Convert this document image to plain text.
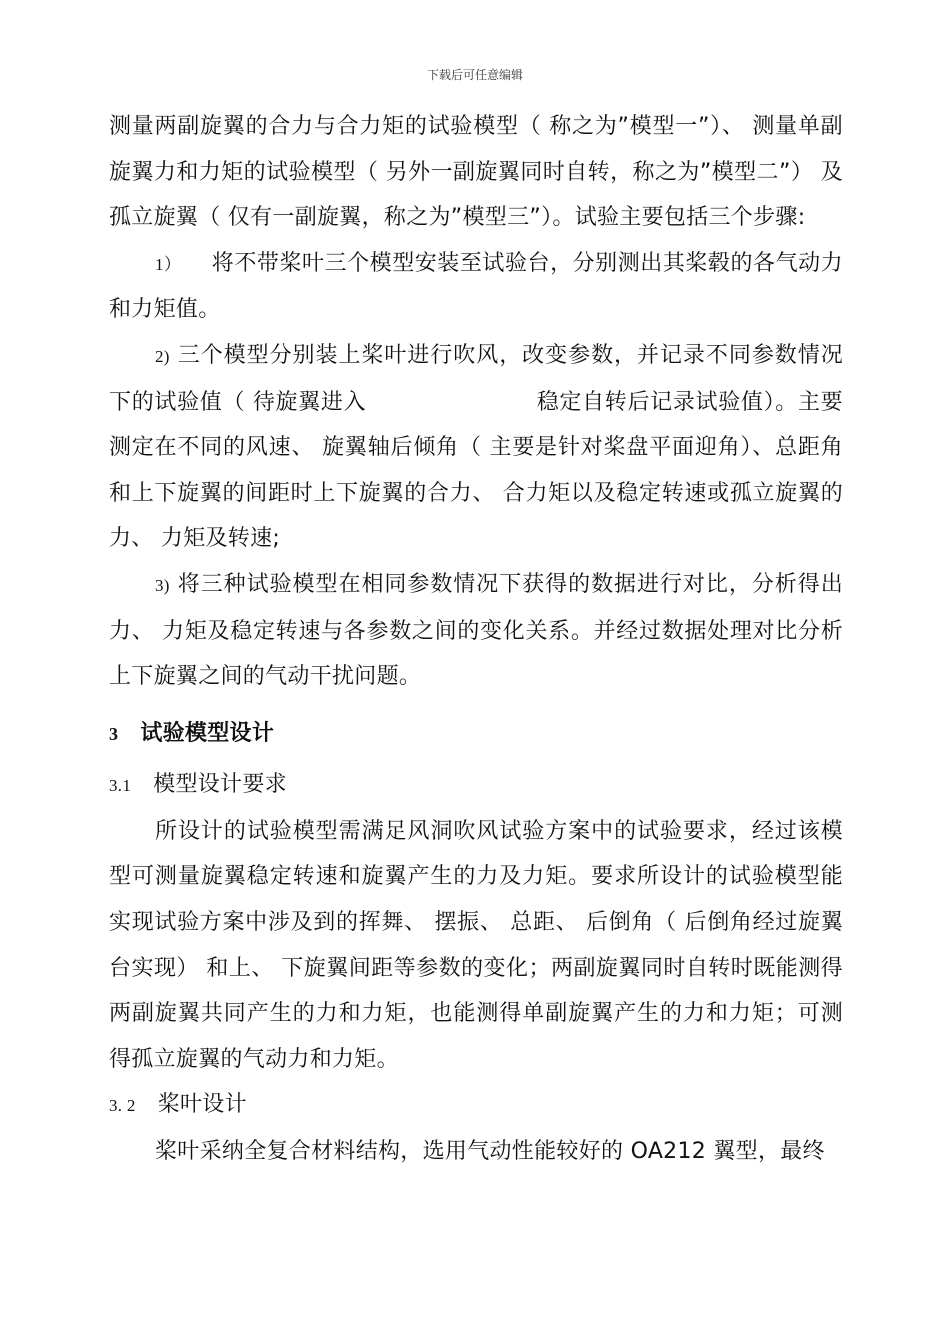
下载后可任意编辑

测量两副旋翼的合力与合力矩的试验模型（ 称之为”模型一”）、 测量单副旋翼力和力矩的试验模型（ 另外一副旋翼同时自转，称之为”模型二”） 及孤立旋翼（ 仅有一副旋翼，称之为”模型三”）。试验主要包括三个步骤:

1） 将不带桨叶三个模型安装至试验台，分别测出其桨毂的各气动力和力矩值。

2) 三个模型分别装上桨叶进行吹风，改变参数，并记录不同参数情况下的试验值（ 待旋翼进入	稳定自转后记录试验值）。主要测定在不同的风速、 旋翼轴后倾角（ 主要是针对桨盘平面迎角）、总距角和上下旋翼的间距时上下旋翼的合力、 合力矩以及稳定转速或孤立旋翼的力、 力矩及转速;

3) 将三种试验模型在相同参数情况下获得的数据进行对比，分析得出力、 力矩及稳定转速与各参数之间的变化关系。并经过数据处理对比分析上下旋翼之间的气动干扰问题。

3 试验模型设计

3.1 模型设计要求

所设计的试验模型需满足风洞吹风试验方案中的试验要求，经过该模型可测量旋翼稳定转速和旋翼产生的力及力矩。要求所设计的试验模型能实现试验方案中涉及到的挥舞、 摆振、 总距、 后倒角（ 后倒角经过旋翼台实现） 和上、 下旋翼间距等参数的变化；两副旋翼同时自转时既能测得两副旋翼共同产生的力和力矩，也能测得单副旋翼产生的力和力矩；可测得孤立旋翼的气动力和力矩。

3. 2 桨叶设计

桨叶采纳全复合材料结构，选用气动性能较好的 OA212 翼型，最终
